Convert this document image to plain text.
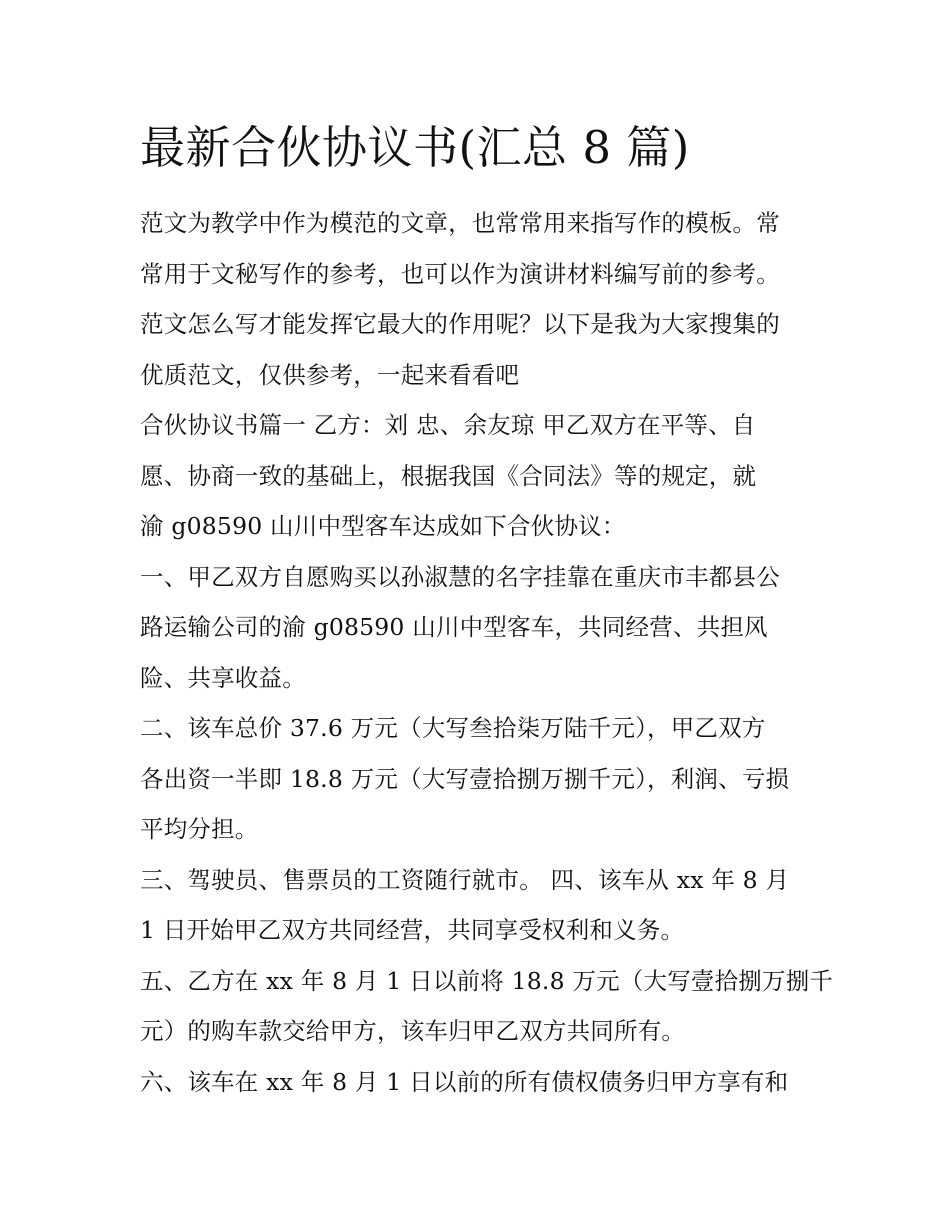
最新合伙协议书(汇总 8 篇)
范文为教学中作为模范的文章，也常常用来指写作的模板。常
常用于文秘写作的参考，也可以作为演讲材料编写前的参考。
范文怎么写才能发挥它最大的作用呢？以下是我为大家搜集的
优质范文，仅供参考，一起来看看吧
合伙协议书篇一 乙方：刘 忠、余友琼 甲乙双方在平等、自
愿、协商一致的基础上，根据我国《合同法》等的规定，就
渝 g08590 山川中型客车达成如下合伙协议：
一、甲乙双方自愿购买以孙淑慧的名字挂靠在重庆市丰都县公
路运输公司的渝 g08590 山川中型客车，共同经营、共担风
险、共享收益。
二、该车总价 37.6 万元（大写叁拾柒万陆千元），甲乙双方
各出资一半即 18.8 万元（大写壹拾捌万捌千元），利润、亏损
平均分担。
三、驾驶员、售票员的工资随行就市。 四、该车从 xx 年 8 月
1 日开始甲乙双方共同经营，共同享受权利和义务。
五、乙方在 xx 年 8 月 1 日以前将 18.8 万元（大写壹拾捌万捌千
元）的购车款交给甲方，该车归甲乙双方共同所有。
六、该车在 xx 年 8 月 1 日以前的所有债权债务归甲方享有和
